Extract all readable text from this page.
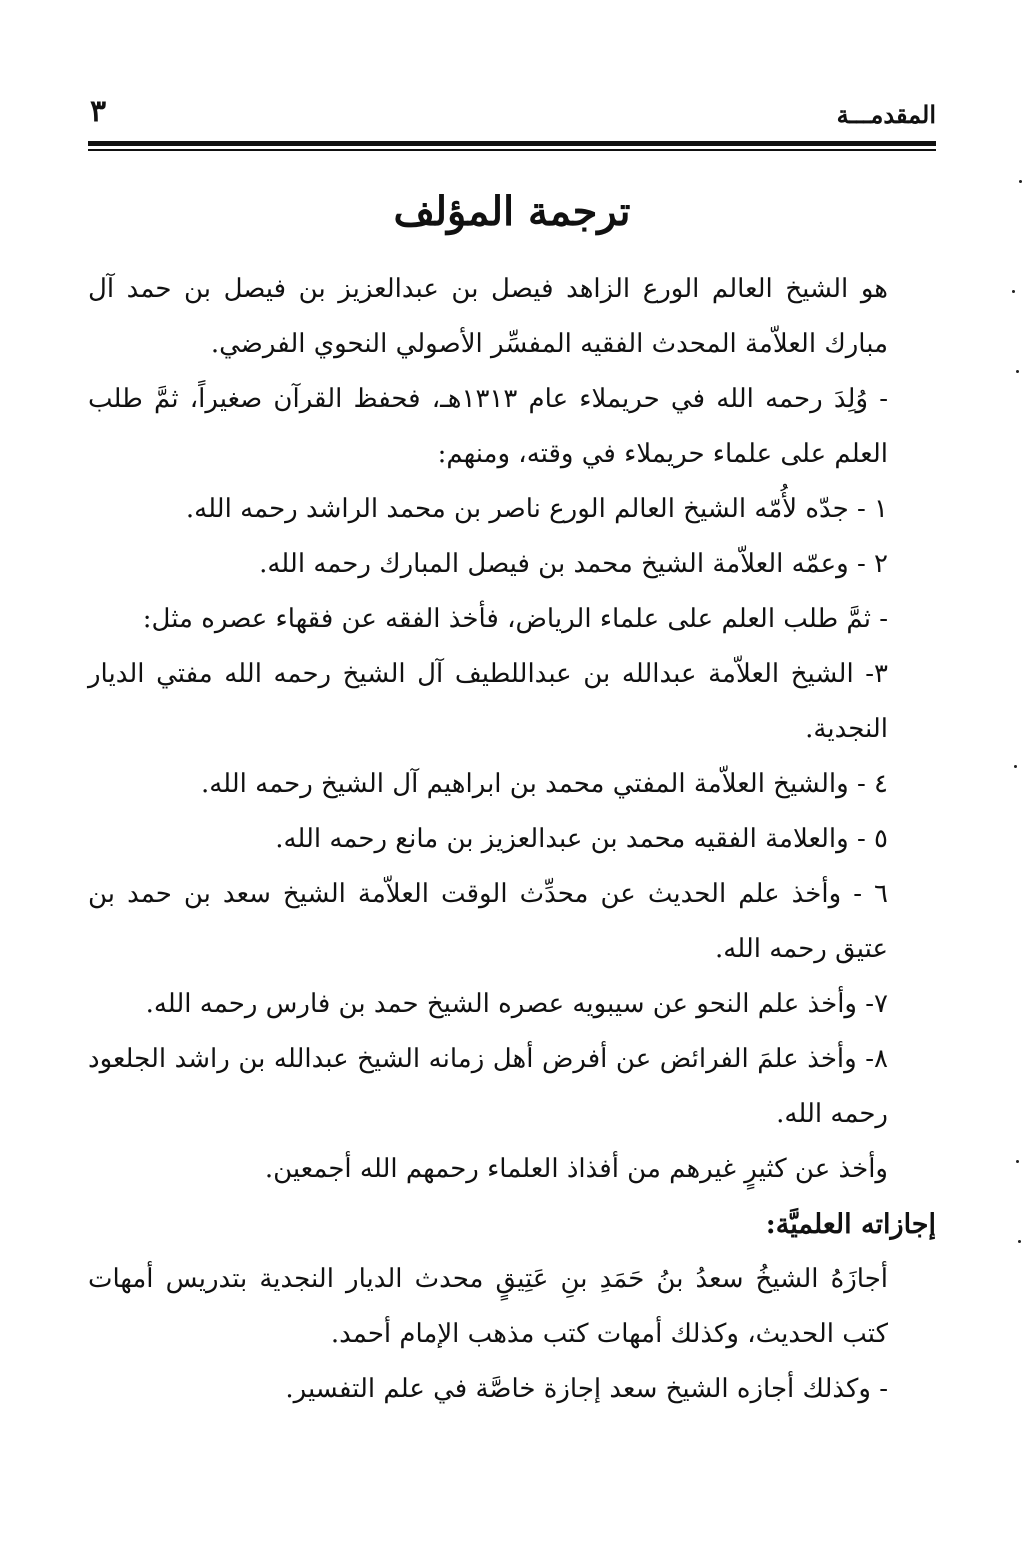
المقدمـــة
٣
ترجمة المؤلف

هو الشيخ العالم الورع الزاهد فيصل بن عبدالعزيز بن فيصل بن حمد آل مبارك العلاّمة المحدث الفقيه المفسِّر الأصولي النحوي الفرضي.

- وُلِدَ رحمه الله في حريملاء عام ١٣١٣هـ، فحفظ القرآن صغيراً، ثمَّ طلب العلم على علماء حريملاء في وقته، ومنهم:

١ - جدّه لأُمّه الشيخ العالم الورع ناصر بن محمد الراشد رحمه الله.

٢ - وعمّه العلاّمة الشيخ محمد بن فيصل المبارك رحمه الله.

- ثمَّ طلب العلم على علماء الرياض، فأخذ الفقه عن فقهاء عصره مثل:

٣- الشيخ العلاّمة عبدالله بن عبداللطيف آل الشيخ رحمه الله مفتي الديار النجدية.

٤ - والشيخ العلاّمة المفتي محمد بن ابراهيم آل الشيخ رحمه الله.

٥ - والعلامة الفقيه محمد بن عبدالعزيز بن مانع رحمه الله.

٦ - وأخذ علم الحديث عن محدِّث الوقت العلاّمة الشيخ سعد بن حمد بن عتيق رحمه الله.

٧- وأخذ علم النحو عن سيبويه عصره الشيخ حمد بن فارس رحمه الله.

٨- وأخذ علمَ الفرائض عن أفرض أهل زمانه الشيخ عبدالله بن راشد الجلعود رحمه الله.

وأخذ عن كثيرٍ غيرهم من أفذاذ العلماء رحمهم الله أجمعين.

إجازاته العلميَّة:

أجازَهُ الشيخُ سعدُ بنُ حَمَدِ بنِ عَتِيقٍ محدث الديار النجدية بتدريس أمهات كتب الحديث، وكذلك أمهات كتب مذهب الإمام أحمد.

- وكذلك أجازه الشيخ سعد إجازة خاصَّة في علم التفسير.
